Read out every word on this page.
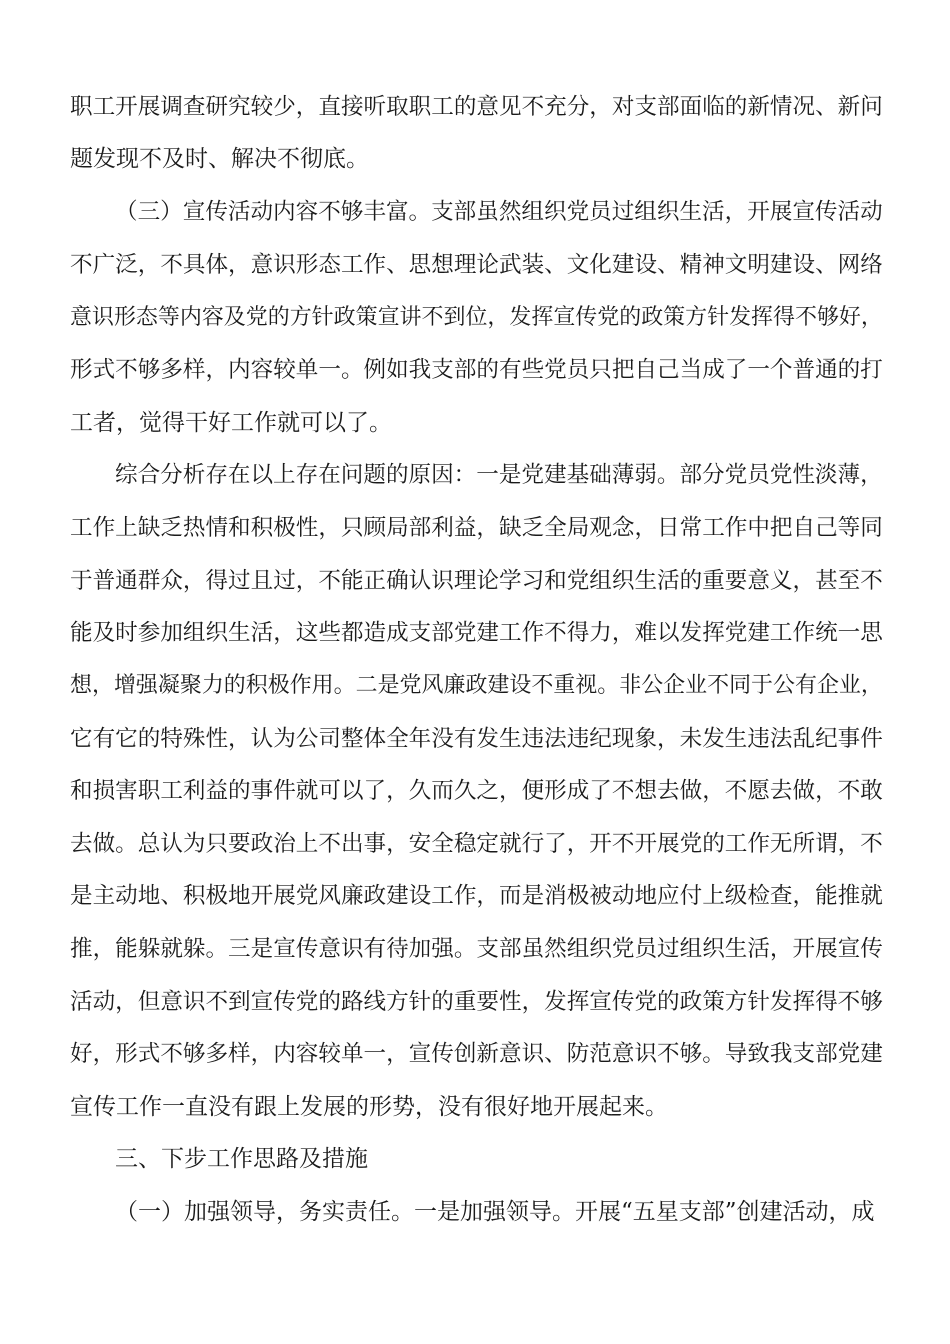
职工开展调查研究较少，直接听取职工的意见不充分，对支部面临的新情况、新问
题发现不及时、解决不彻底。
（三）宣传活动内容不够丰富。支部虽然组织党员过组织生活，开展宣传活动
不广泛，不具体，意识形态工作、思想理论武装、文化建设、精神文明建设、网络
意识形态等内容及党的方针政策宣讲不到位，发挥宣传党的政策方针发挥得不够好，
形式不够多样，内容较单一。例如我支部的有些党员只把自己当成了一个普通的打
工者，觉得干好工作就可以了。
综合分析存在以上存在问题的原因：一是党建基础薄弱。部分党员党性淡薄，
工作上缺乏热情和积极性，只顾局部利益，缺乏全局观念，日常工作中把自己等同
于普通群众，得过且过，不能正确认识理论学习和党组织生活的重要意义，甚至不
能及时参加组织生活，这些都造成支部党建工作不得力，难以发挥党建工作统一思
想，增强凝聚力的积极作用。二是党风廉政建设不重视。非公企业不同于公有企业，
它有它的特殊性，认为公司整体全年没有发生违法违纪现象，未发生违法乱纪事件
和损害职工利益的事件就可以了，久而久之，便形成了不想去做，不愿去做，不敢
去做。总认为只要政治上不出事，安全稳定就行了，开不开展党的工作无所谓，不
是主动地、积极地开展党风廉政建设工作，而是消极被动地应付上级检查，能推就
推，能躲就躲。三是宣传意识有待加强。支部虽然组织党员过组织生活，开展宣传
活动，但意识不到宣传党的路线方针的重要性，发挥宣传党的政策方针发挥得不够
好，形式不够多样，内容较单一，宣传创新意识、防范意识不够。导致我支部党建
宣传工作一直没有跟上发展的形势，没有很好地开展起来。
三、下步工作思路及措施
（一）加强领导，务实责任。一是加强领导。开展“五星支部”创建活动，成
